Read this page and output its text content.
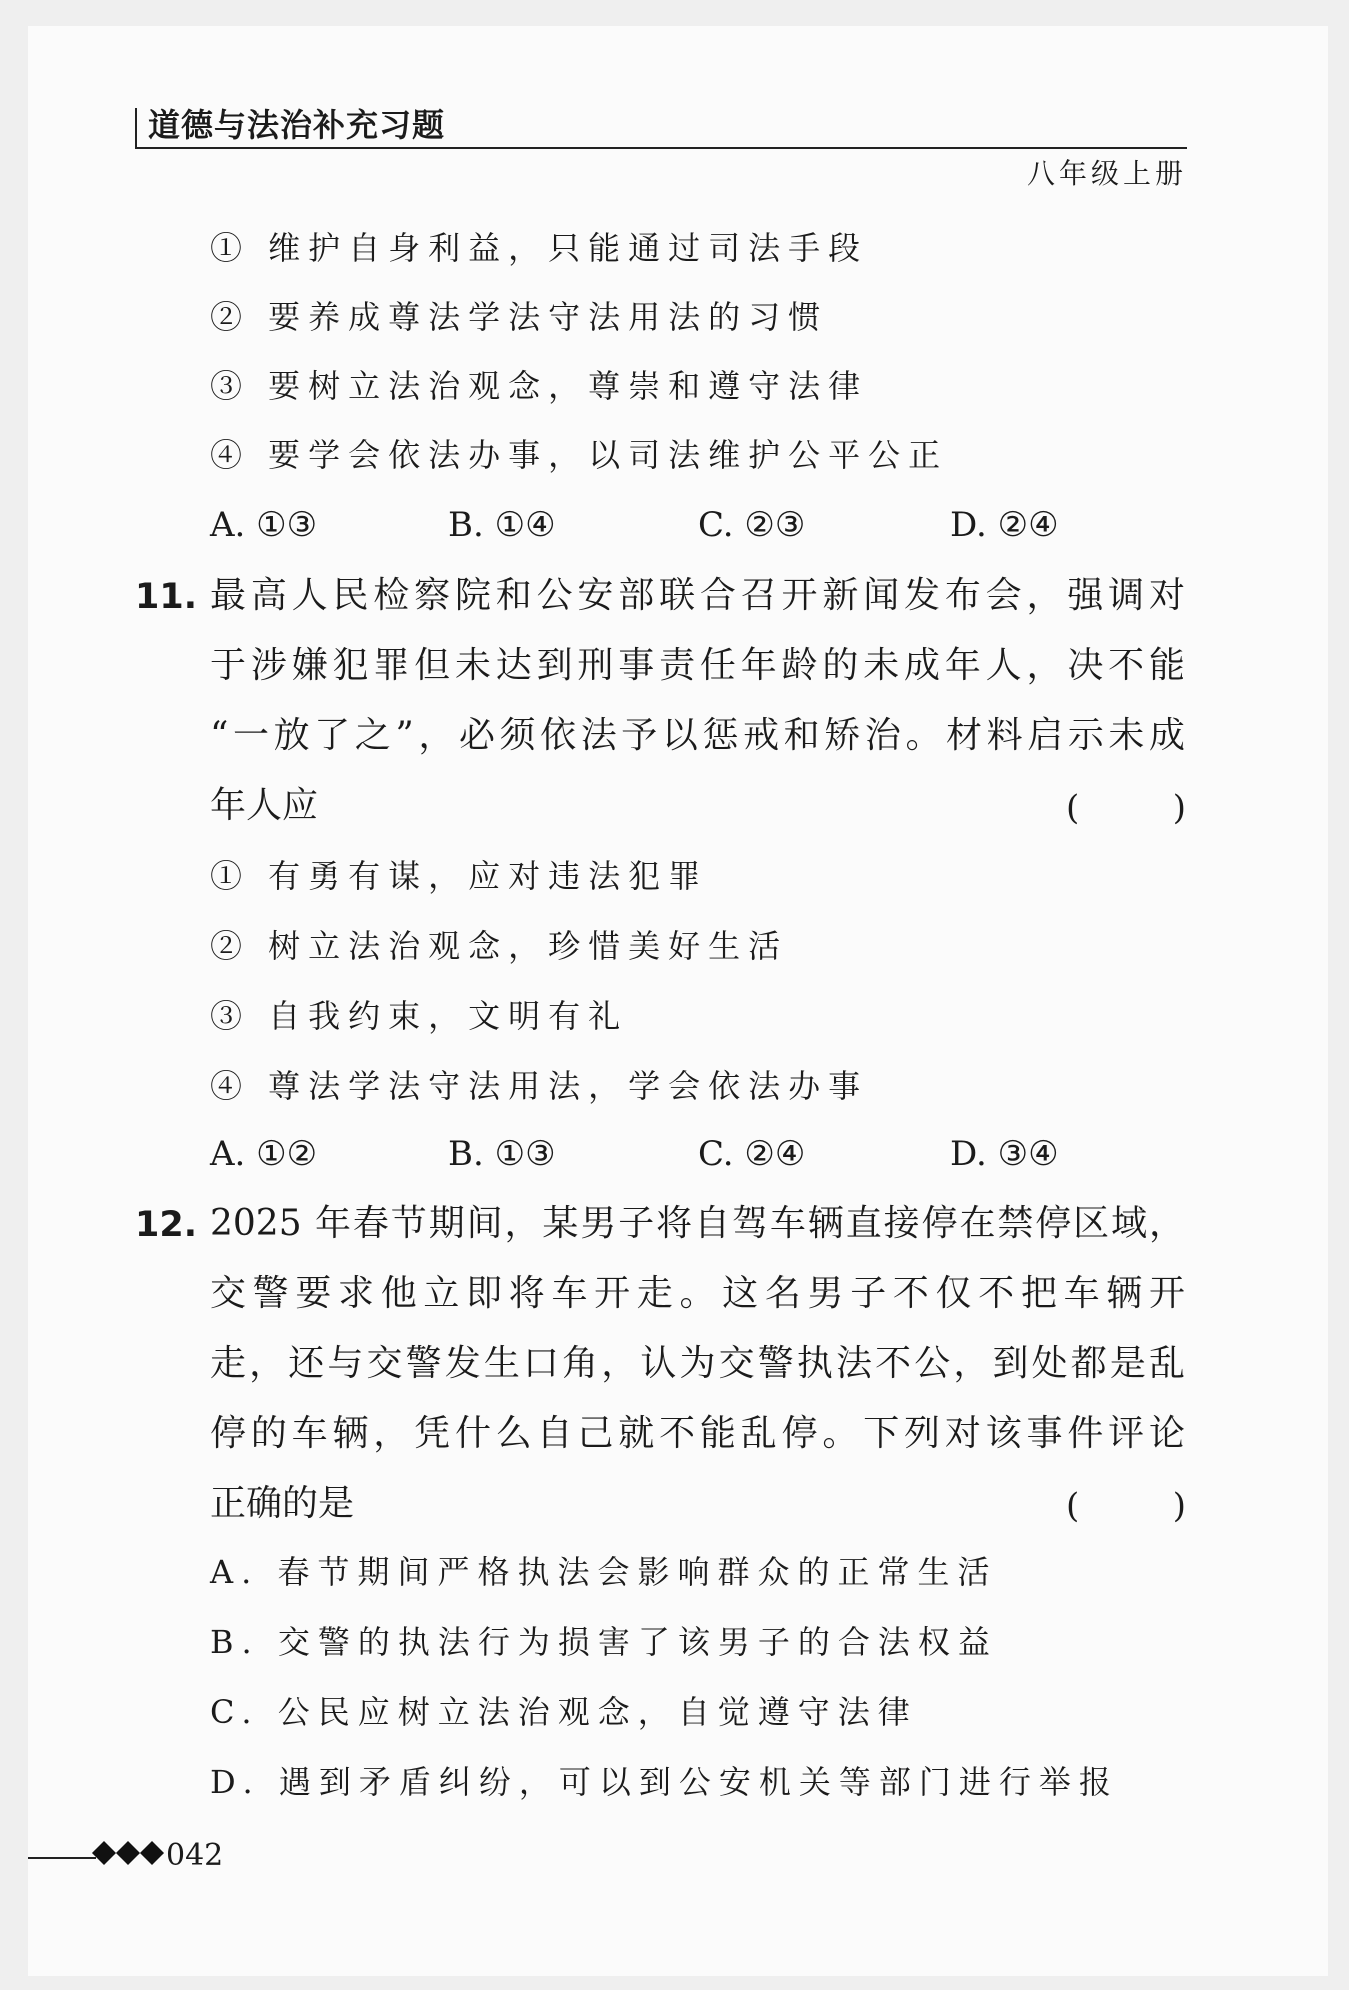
道德与法治补充习题
八年级上册
① 维护自身利益，只能通过司法手段
② 要养成尊法学法守法用法的习惯
③ 要树立法治观念，尊崇和遵守法律
④ 要学会依法办事，以司法维护公平公正
A. ①③	B. ①④	C. ②③	D. ②④
11. 最高人民检察院和公安部联合召开新闻发布会，强调对
于涉嫌犯罪但未达到刑事责任年龄的未成年人，决不能
“一放了之”，必须依法予以惩戒和矫治。材料启示未成
年人应	(	)
① 有勇有谋，应对违法犯罪
② 树立法治观念，珍惜美好生活
③ 自我约束，文明有礼
④ 尊法学法守法用法，学会依法办事
A. ①②	B. ①③	C. ②④	D. ③④
12. 2025 年春节期间，某男子将自驾车辆直接停在禁停区域，
交警要求他立即将车开走。这名男子不仅不把车辆开
走，还与交警发生口角，认为交警执法不公，到处都是乱
停的车辆，凭什么自己就不能乱停。下列对该事件评论
正确的是	(	)
A. 春节期间严格执法会影响群众的正常生活
B. 交警的执法行为损害了该男子的合法权益
C. 公民应树立法治观念，自觉遵守法律
D. 遇到矛盾纠纷，可以到公安机关等部门进行举报
042
